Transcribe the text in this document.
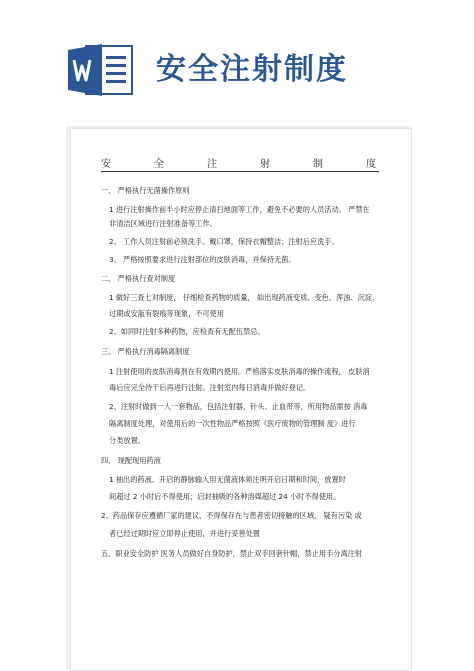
安全注射制度
安	全	注	射	制	度
一、 严格执行无菌操作原则
1 进行注射操作前半小时应停止清扫地面等工作，避免不必要的人员活动。 严禁在
非清洁区域进行注射准备等工作。
2、 工作人员注射前必须洗手、戴口罩，保持衣帽整洁；注射后应洗手。
3、 严格按照要求进行注射部位的皮肤消毒，并保持无菌。
二、 严格执行查对制度
1 做好三查七对制度， 仔细检查药物的质量， 如出现药液变质、变色、浑浊、沉淀、
过期或安瓿有裂痕等现象，不可使用
2、如同时注射多种药物，应检查有无配伍禁忌。
三、 严格执行消毒隔离制度
1 注射使用的皮肤消毒剂在有效期内使用。严格落实皮肤消毒的操作流程， 皮肤消
毒后应完全待干后再进行注射。注射室内每日消毒并做好登记。
2、注射时做到一人一套物品，包括注射器、针头、止血带等，所用物品需按 消毒
隔离制度处理，对使用后的一次性物品严格按照《医疗废物的管理制 度》进行
分类放置。
四、 现配现用药液
1 抽出的药液、开启的静脉输入用无菌液体须注明开启日期和时间，放置时
间超过 2 小时后不得使用；启封抽吸的各种溶媒超过 24 小时不得使用。
2、药品保存应遵循厂家的建议，不得保存在与患者密切接触的区域， 疑有污染 或
者已经过期时应立即停止使用，并进行妥善处置
五、职业安全防护 医务人员做好自身防护，禁止双手回套针帽，禁止用手分离注射
